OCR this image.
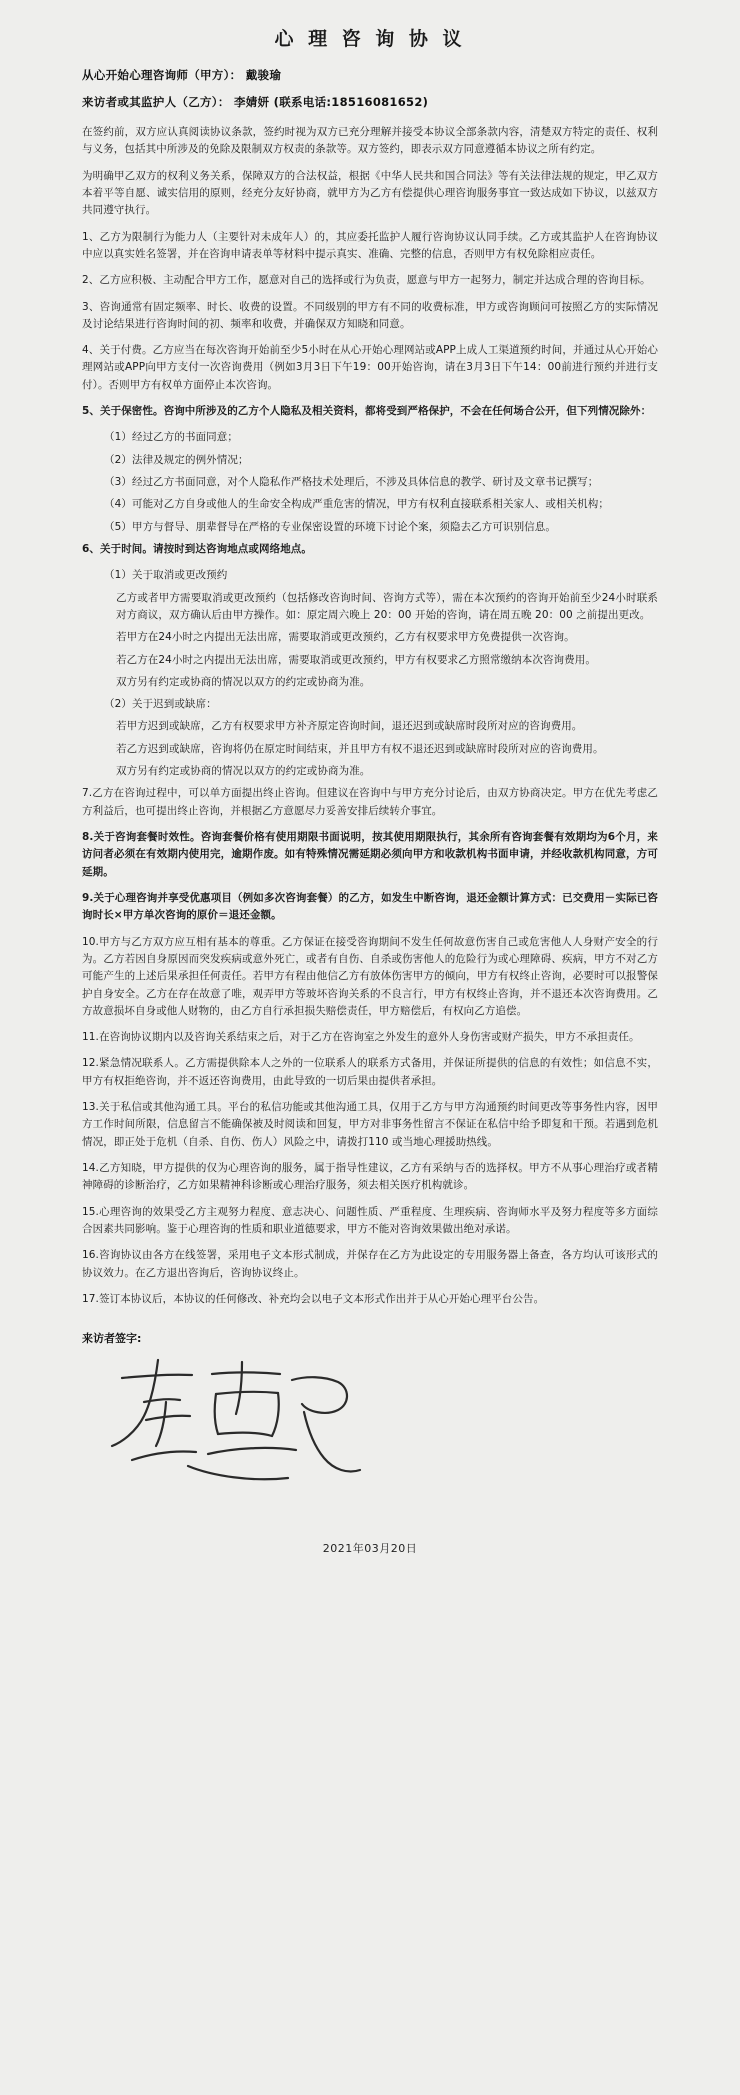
心 理 咨 询 协 议
从心开始心理咨询师（甲方）： 戴骏瑜
来访者或其监护人（乙方）： 李婧妍 (联系电话:18516081652)

在签约前，双方应认真阅读协议条款，签约时视为双方已充分理解并接受本协议全部条款内容，清楚双方特定的责任、权利与义务，包括其中所涉及的免除及限制双方权责的条款等。双方签约，即表示双方同意遵循本协议之所有约定。

为明确甲乙双方的权利义务关系，保障双方的合法权益，根据《中华人民共和国合同法》等有关法律法规的规定，甲乙双方本着平等自愿、诚实信用的原则，经充分友好协商，就甲方为乙方有偿提供心理咨询服务事宜一致达成如下协议，以兹双方共同遵守执行。

1、乙方为限制行为能力人（主要针对未成年人）的，其应委托监护人履行咨询协议认同手续。乙方或其监护人在咨询协议中应以真实姓名签署，并在咨询申请表单等材料中提示真实、准确、完整的信息，否则甲方有权免除相应责任。

2、乙方应积极、主动配合甲方工作，愿意对自己的选择或行为负责，愿意与甲方一起努力，制定并达成合理的咨询目标。

3、咨询通常有固定频率、时长、收费的设置。不同级别的甲方有不同的收费标准，甲方或咨询顾问可按照乙方的实际情况及讨论结果进行咨询时间的初、频率和收费，并确保双方知晓和同意。

4、关于付费。乙方应当在每次咨询开始前至少5小时在从心开始心理网站或APP上成人工渠道预约时间，并通过从心开始心理网站或APP向甲方支付一次咨询费用（例如3月3日下午19：00开始咨询，请在3月3日下午14：00前进行预约并进行支付）。否则甲方有权单方面停止本次咨询。

5、关于保密性。咨询中所涉及的乙方个人隐私及相关资料，都将受到严格保护，不会在任何场合公开，但下列情况除外：

（1）经过乙方的书面同意；

（2）法律及规定的例外情况；

（3）经过乙方书面同意，对个人隐私作严格技术处理后，不涉及具体信息的教学、研讨及文章书记撰写；

（4）可能对乙方自身或他人的生命安全构成严重危害的情况，甲方有权利直接联系相关家人、或相关机构；

（5）甲方与督导、朋辈督导在严格的专业保密设置的环境下讨论个案，须隐去乙方可识别信息。

6、关于时间。请按时到达咨询地点或网络地点。

（1）关于取消或更改预约

乙方或者甲方需要取消或更改预约（包括修改咨询时间、咨询方式等），需在本次预约的咨询开始前至少24小时联系对方商议，双方确认后由甲方操作。如：原定周六晚上 20：00 开始的咨询，请在周五晚 20：00 之前提出更改。

若甲方在24小时之内提出无法出席，需要取消或更改预约，乙方有权要求甲方免费提供一次咨询。

若乙方在24小时之内提出无法出席，需要取消或更改预约，甲方有权要求乙方照常缴纳本次咨询费用。

双方另有约定或协商的情况以双方的约定或协商为准。

（2）关于迟到或缺席：

若甲方迟到或缺席，乙方有权要求甲方补齐原定咨询时间，退还迟到或缺席时段所对应的咨询费用。

若乙方迟到或缺席，咨询将仍在原定时间结束，并且甲方有权不退还迟到或缺席时段所对应的咨询费用。

双方另有约定或协商的情况以双方的约定或协商为准。

7.乙方在咨询过程中，可以单方面提出终止咨询。但建议在咨询中与甲方充分讨论后，由双方协商决定。甲方在优先考虑乙方利益后，也可提出终止咨询，并根据乙方意愿尽力妥善安排后续转介事宜。

8.关于咨询套餐时效性。咨询套餐价格有使用期限书面说明，按其使用期限执行，其余所有咨询套餐有效期均为6个月，来访问者必须在有效期内使用完，逾期作废。如有特殊情况需延期必须向甲方和收款机构书面申请，并经收款机构同意，方可延期。

9.关于心理咨询并享受优惠项目（例如多次咨询套餐）的乙方，如发生中断咨询，退还金额计算方式：已交费用－实际已咨询时长×甲方单次咨询的原价＝退还金额。

10.甲方与乙方双方应互相有基本的尊重。乙方保证在接受咨询期间不发生任何故意伤害自己或危害他人人身财产安全的行为。乙方若因自身原因而突发疾病或意外死亡，或者有自伤、自杀或伤害他人的危险行为或心理障碍、疾病，甲方不对乙方可能产生的上述后果承担任何责任。若甲方有程由他信乙方有放体伤害甲方的倾向，甲方有权终止咨询，必要时可以报警保护自身安全。乙方在存在故意了唯，观弄甲方等玻坏咨询关系的不良言行，甲方有权终止咨询，并不退还本次咨询费用。乙方故意损坏自身或他人财物的，由乙方自行承担损失赔偿责任，甲方赔偿后，有权向乙方追偿。

11.在咨询协议期内以及咨询关系结束之后，对于乙方在咨询室之外发生的意外人身伤害或财产损失，甲方不承担责任。

12.紧急情况联系人。乙方需提供除本人之外的一位联系人的联系方式备用，并保证所提供的信息的有效性；如信息不实，甲方有权拒绝咨询，并不返还咨询费用，由此导致的一切后果由提供者承担。

13.关于私信或其他沟通工具。平台的私信功能或其他沟通工具，仅用于乙方与甲方沟通预约时间更改等事务性内容，因甲方工作时间所限，信息留言不能确保被及时阅读和回复，甲方对非事务性留言不保证在私信中给予即复和干预。若遇到危机情况，即正处于危机（自杀、自伤、伤人）风险之中，请拨打110 或当地心理援助热线。

14.乙方知晓，甲方提供的仅为心理咨询的服务，属于指导性建议，乙方有采纳与否的选择权。甲方不从事心理治疗或者精神障碍的诊断治疗，乙方如果精神科诊断或心理治疗服务，须去相关医疗机构就诊。

15.心理咨询的效果受乙方主观努力程度、意志决心、问题性质、严重程度、生理疾病、咨询师水平及努力程度等多方面综合因素共同影响。鉴于心理咨询的性质和职业道德要求，甲方不能对咨询效果做出绝对承诺。

16.咨询协议由各方在线签署，采用电子文本形式制成，并保存在乙方为此设定的专用服务器上备查，各方均认可该形式的协议效力。在乙方退出咨询后，咨询协议终止。

17.签订本协议后，本协议的任何修改、补充均会以电子文本形式作出并于从心开始心理平台公告。

来访者签字:
2021年03月20日
